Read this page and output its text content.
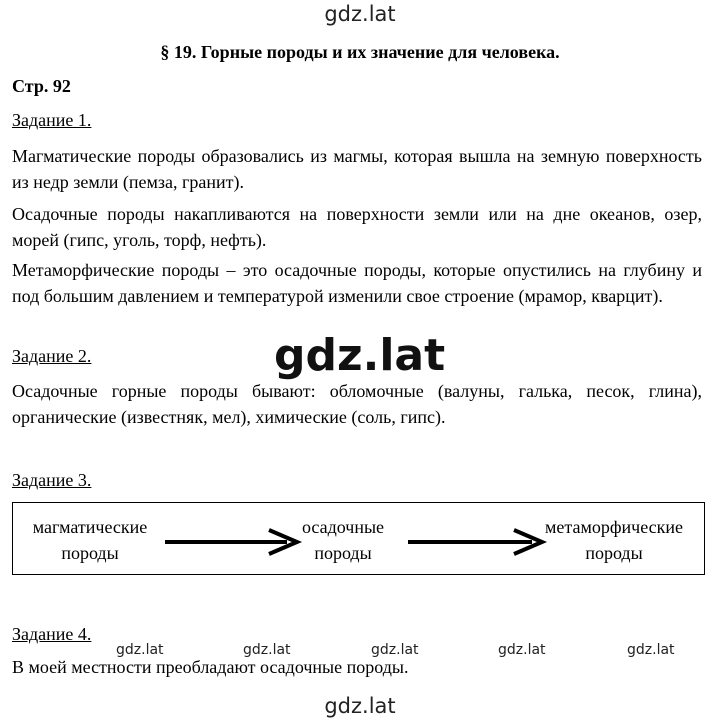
gdz.lat
gdz.lat
gdz.lat	gdz.lat	gdz.lat	gdz.lat	gdz.lat
gdz.lat
§ 19. Горные породы и их значение для человека.
Стр. 92
Задание 1.
Магматические породы образовались из магмы, которая вышла на земную поверхность из недр земли (пемза, гранит).
Осадочные породы накапливаются на поверхности земли или на дне океанов, озер, морей (гипс, уголь, торф, нефть).
Метаморфические породы – это осадочные породы, которые опустились на глубину и под большим давлением и температурой изменили свое строение (мрамор, кварцит).
Задание 2.
Осадочные горные породы бывают: обломочные (валуны, галька, песок, глина), органические (известняк, мел), химические (соль, гипс).
Задание 3.
магматические
породы
осадочные
породы
метаморфические
породы
Задание 4.
В моей местности преобладают осадочные породы.
